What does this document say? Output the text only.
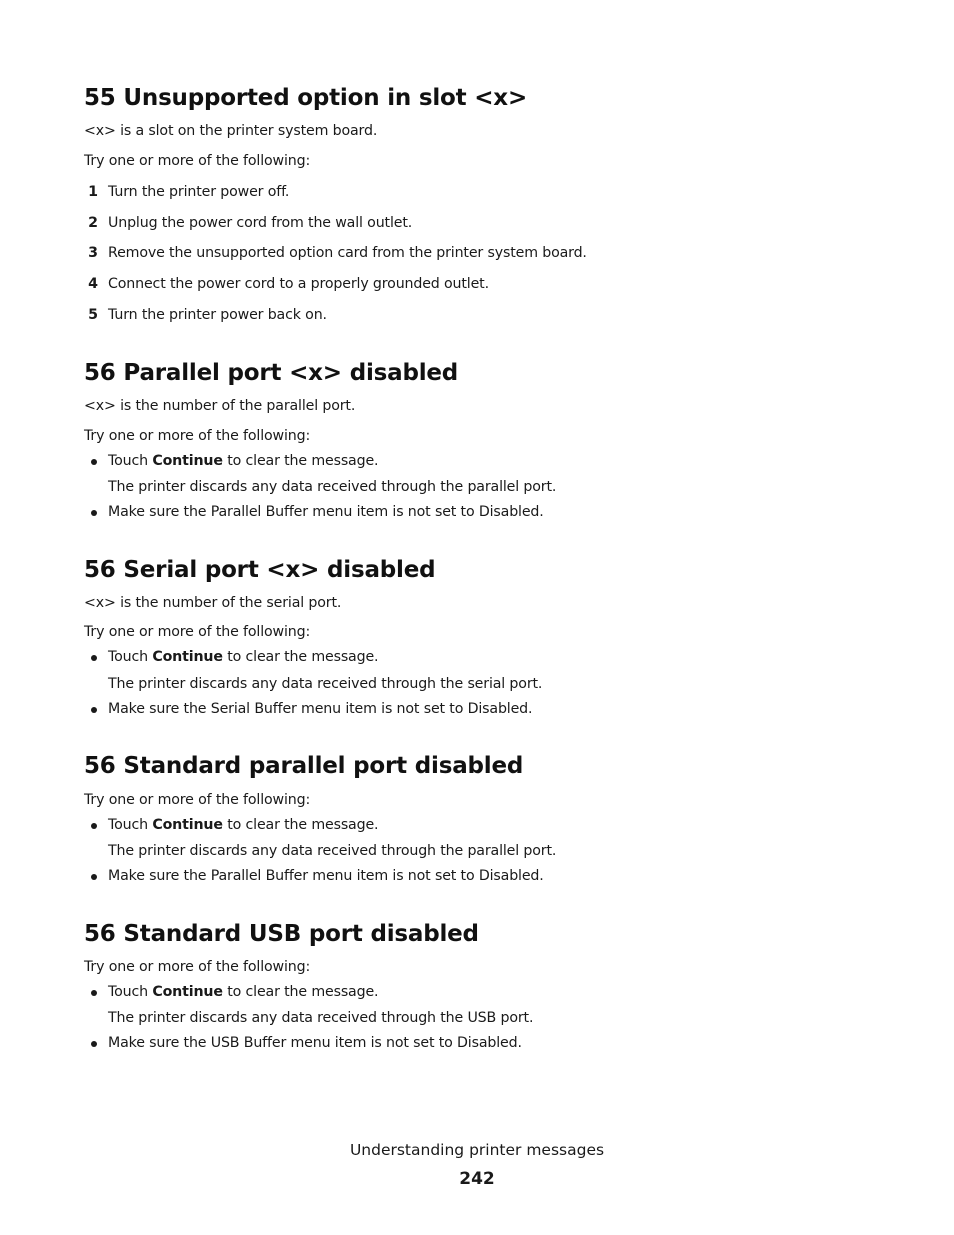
55 Unsupported option in slot <x>

<x> is a slot on the printer system board.

Try one or more of the following:

1 Turn the printer power off.
2 Unplug the power cord from the wall outlet.
3 Remove the unsupported option card from the printer system board.
4 Connect the power cord to a properly grounded outlet.
5 Turn the printer power back on.
56 Parallel port <x> disabled

<x> is the number of the parallel port.

Try one or more of the following:

Touch Continue to clear the message.
The printer discards any data received through the parallel port.
Make sure the Parallel Buffer menu item is not set to Disabled.
56 Serial port <x> disabled

<x> is the number of the serial port.

Try one or more of the following:

Touch Continue to clear the message.
The printer discards any data received through the serial port.
Make sure the Serial Buffer menu item is not set to Disabled.
56 Standard parallel port disabled

Try one or more of the following:

Touch Continue to clear the message.
The printer discards any data received through the parallel port.
Make sure the Parallel Buffer menu item is not set to Disabled.
56 Standard USB port disabled

Try one or more of the following:

Touch Continue to clear the message.
The printer discards any data received through the USB port.
Make sure the USB Buffer menu item is not set to Disabled.
Understanding printer messages
242
